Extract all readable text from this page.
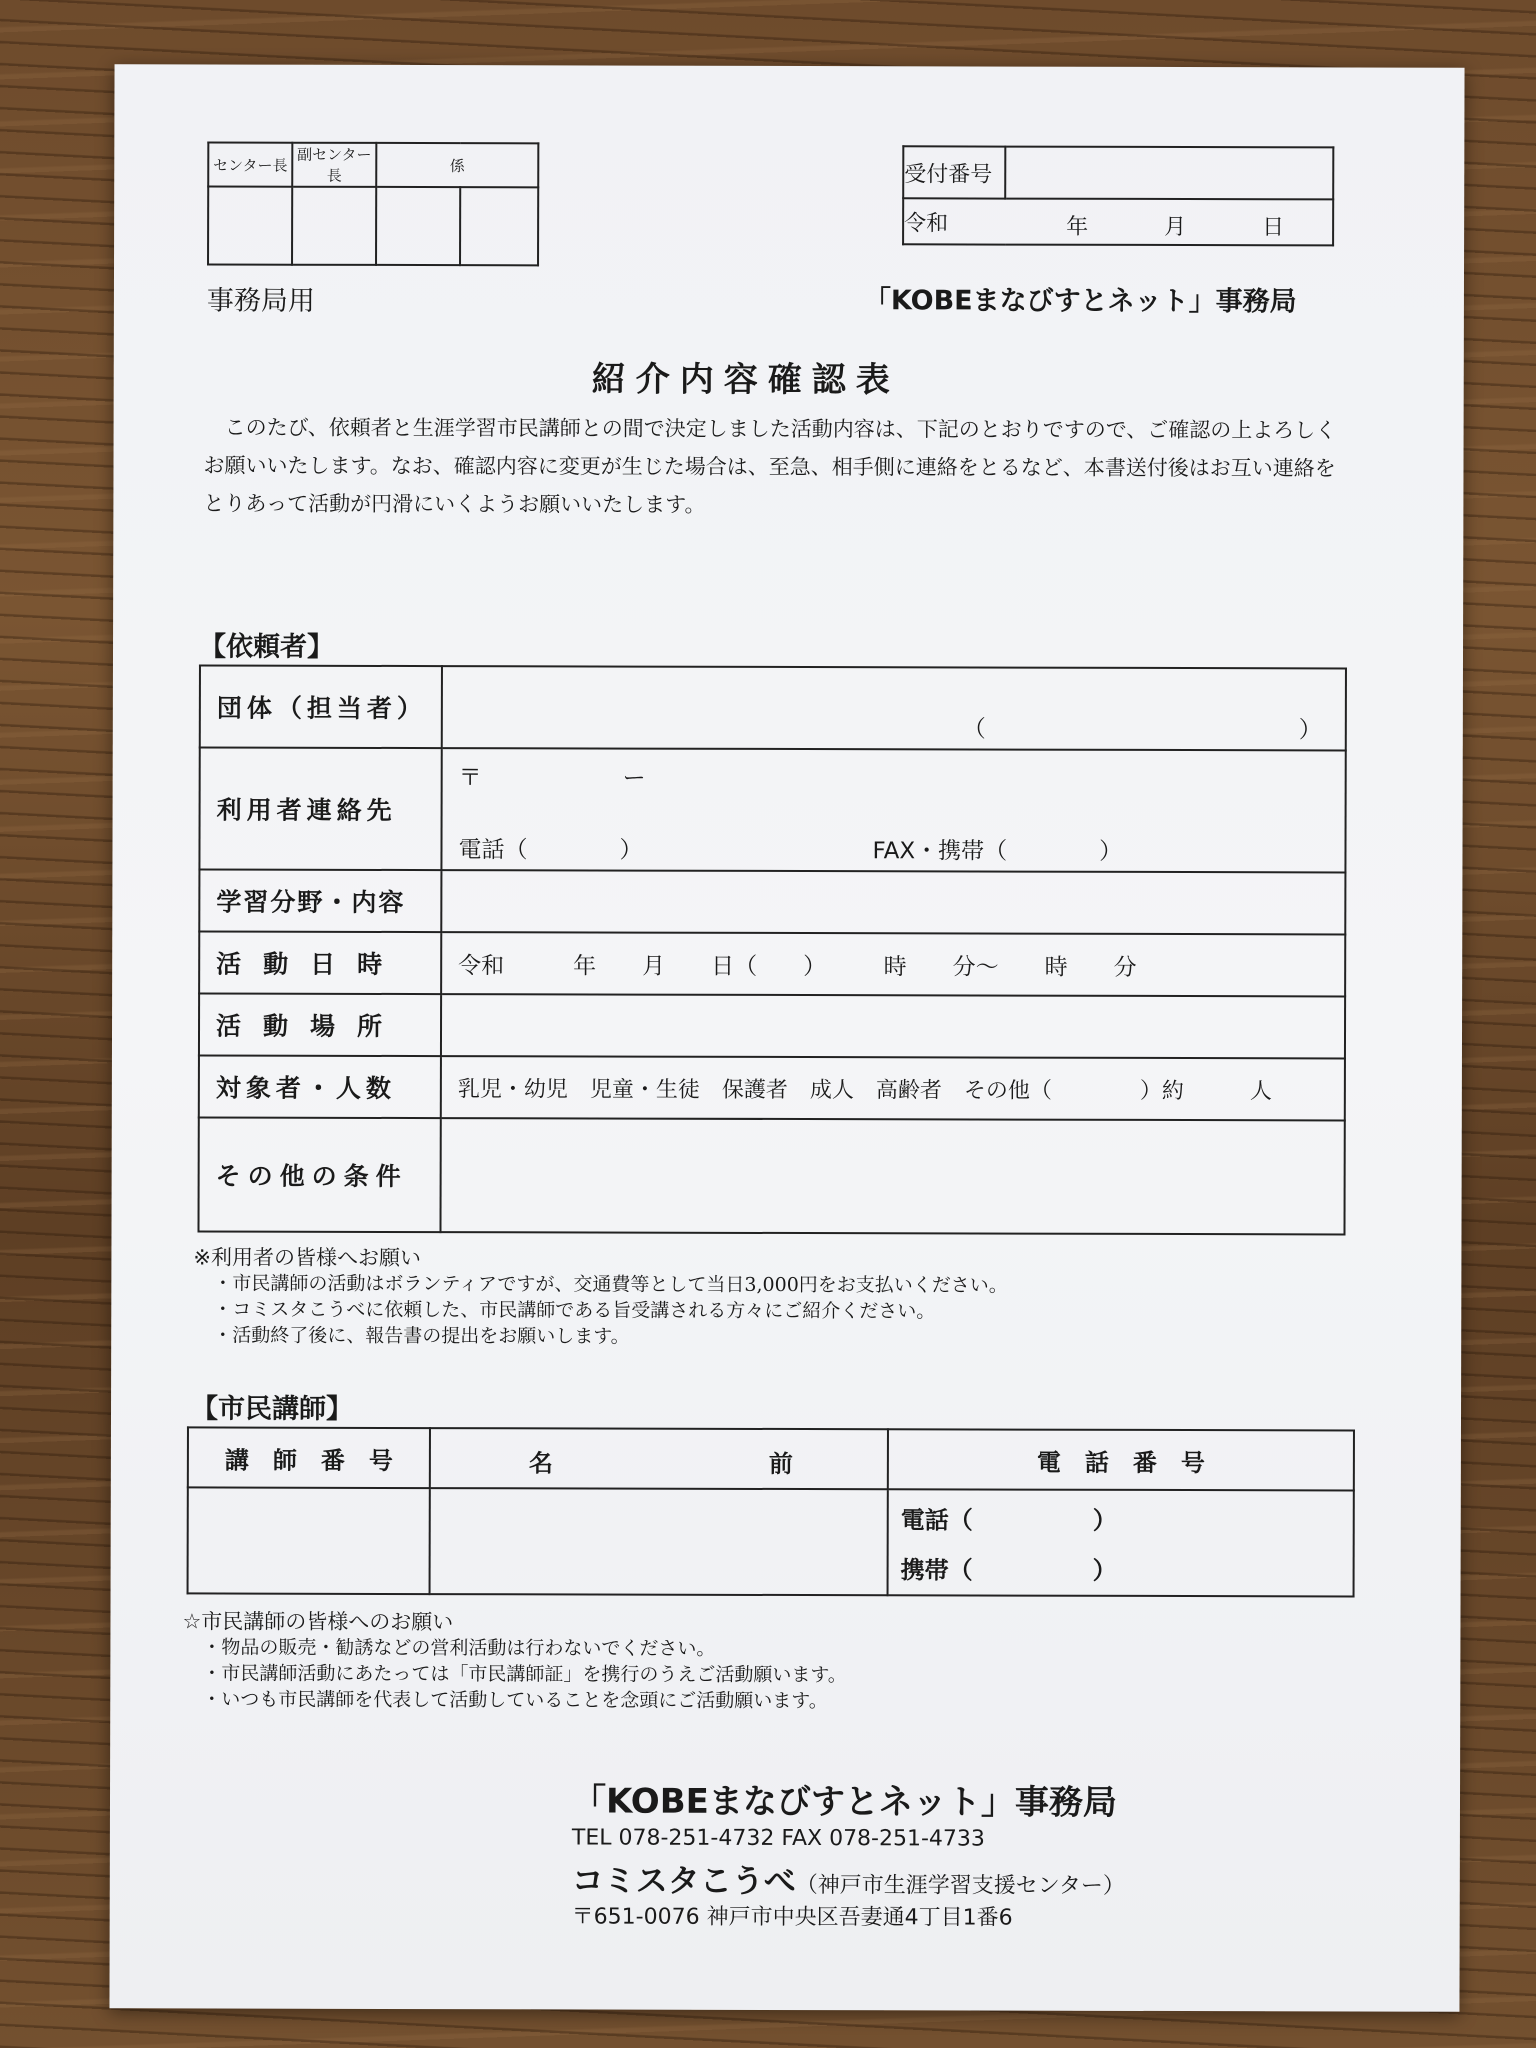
センター長	副センター長	係	

事務局用
受付番号	
令和	年	月	日
「KOBEまなびすとネット」事務局
紹介内容確認表
　このたび、依頼者と生涯学習市民講師との間で決定しました活動内容は、下記のとおりですので、ご確認の上よろしくお願いいたします。なお、確認内容に変更が生じた場合は、至急、相手側に連絡をとるなど、本書送付後はお互い連絡をとりあって活動が円滑にいくようお願いいたします。
【依頼者】
団体（担当者）	（ ）

利用者連絡先	〒 ー
電話（　　　　） FAX・携帯（　　　　）

学習分野・内容	
活動日時	令和　　　年　　月　　日（　　）　　　時　　分〜　　時　　分
活動場所	
対象者・人数	乳児・幼児　児童・生徒　保護者　成人　高齢者　その他（　　　　）約　　　人
その他の条件	
※利用者の皆様へお願い
・市民講師の活動はボランティアですが、交通費等として当日3,000円をお支払いください。
・コミスタこうべに依頼した、市民講師である旨受講される方々にご紹介ください。
・活動終了後に、報告書の提出をお願いします。
【市民講師】
講　師　番　号	名 前	電　話　番　号

		電話（　　　　　）
携帯（　　　　　）
☆市民講師の皆様へのお願い
・物品の販売・勧誘などの営利活動は行わないでください。
・市民講師活動にあたっては「市民講師証」を携行のうえご活動願います。
・いつも市民講師を代表して活動していることを念頭にご活動願います。
「KOBEまなびすとネット」事務局
TEL 078-251-4732 FAX 078-251-4733
コミスタこうべ（神戸市生涯学習支援センター）
〒651-0076 神戸市中央区吾妻通4丁目1番6
